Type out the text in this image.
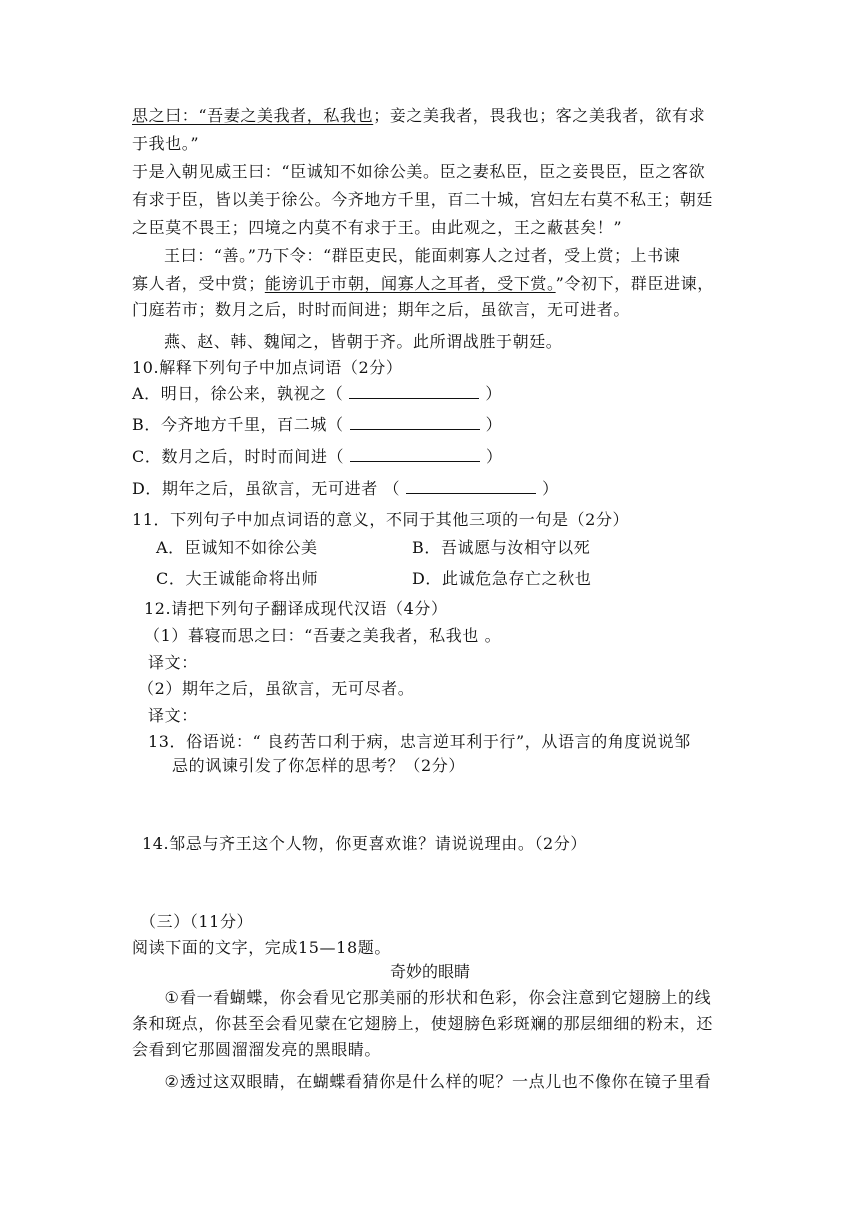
思之曰：“吾妻之美我者，私我也；妾之美我者，畏我也；客之美我者，欲有求
于我也。”
于是入朝见威王曰：“臣诚知不如徐公美。臣之妻私臣，臣之妾畏臣，臣之客欲
有求于臣，皆以美于徐公。今齐地方千里，百二十城，宫妇左右莫不私王；朝廷
之臣莫不畏王；四境之内莫不有求于王。由此观之，王之蔽甚矣！”
王曰：“善。”乃下令：“群臣吏民，能面刺寡人之过者，受上赏；上书谏
寡人者，受中赏；能谤讥于市朝，闻寡人之耳者，受下赏。”令初下，群臣进谏，
门庭若市；数月之后，时时而间进；期年之后，虽欲言，无可进者。
燕、赵、韩、魏闻之，皆朝于齐。此所谓战胜于朝廷。
10.解释下列句子中加点词语（2分）
A．明日，徐公来，孰视之（	）
B．今齐地方千里，百二城（	）
C．数月之后，时时而间进（	）
D．期年之后，虽欲言，无可进者 （	）
11．下列句子中加点词语的意义，不同于其他三项的一句是（2分）
A．臣诚知不如徐公美	B．吾诚愿与汝相守以死
C．大王诚能命将出师	D．此诚危急存亡之秋也
12.请把下列句子翻译成现代汉语（4分）
（1）暮寝而思之曰：“吾妻之美我者，私我也 。
译文：
（2）期年之后，虽欲言，无可尽者。
译文：
13．俗语说：“ 良药苦口利于病，忠言逆耳利于行”，从语言的角度说说邹
忌的讽谏引发了你怎样的思考？（2分）
14.邹忌与齐王这个人物，你更喜欢谁？请说说理由。（2分）
（三）（11分）
阅读下面的文字，完成15—18题。
奇妙的眼睛
①看一看蝴蝶，你会看见它那美丽的形状和色彩，你会注意到它翅膀上的线
条和斑点，你甚至会看见蒙在它翅膀上，使翅膀色彩斑斓的那层细细的粉末，还
会看到它那圆溜溜发亮的黑眼睛。
②透过这双眼睛，在蝴蝶看猜你是什么样的呢？一点儿也不像你在镜子里看
